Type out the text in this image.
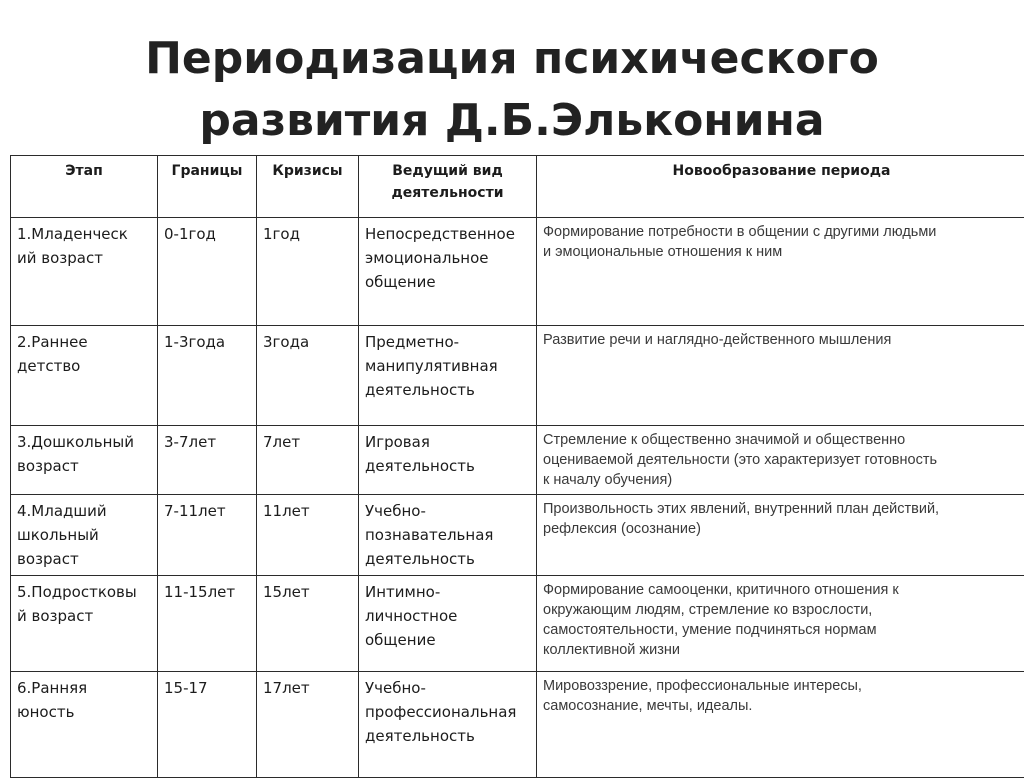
Периодизация психического
развития Д.Б.Эльконина
Этап	Границы	Кризисы	Ведущий вид деятельности	Новообразование периода

1.Младенческ
ий возраст	0-1год	1год	Непосредственное
эмоциональное
общение	Формирование потребности в общении с другими людьми
и эмоциональные отношения к ним

2.Раннее
детство	1-3года	3года	Предметно-
манипулятивная
деятельность	Развитие речи и наглядно-действенного мышления

3.Дошкольный
возраст	3-7лет	7лет	Игровая
деятельность	Стремление к общественно значимой и общественно
оцениваемой деятельности (это характеризует готовность
к началу обучения)

4.Младший
школьный
возраст	7-11лет	11лет	Учебно-
познавательная
деятельность	Произвольность этих явлений, внутренний план действий,
рефлексия (осознание)

5.Подростковы
й возраст	11-15лет	15лет	Интимно-
личностное
общение	Формирование самооценки, критичного отношения к
окружающим людям, стремление ко взрослости,
самостоятельности, умение подчиняться нормам
коллективной жизни

6.Ранняя
юность	15-17	17лет	Учебно-
профессиональная
деятельность	Мировоззрение, профессиональные интересы,
самосознание, мечты, идеалы.
